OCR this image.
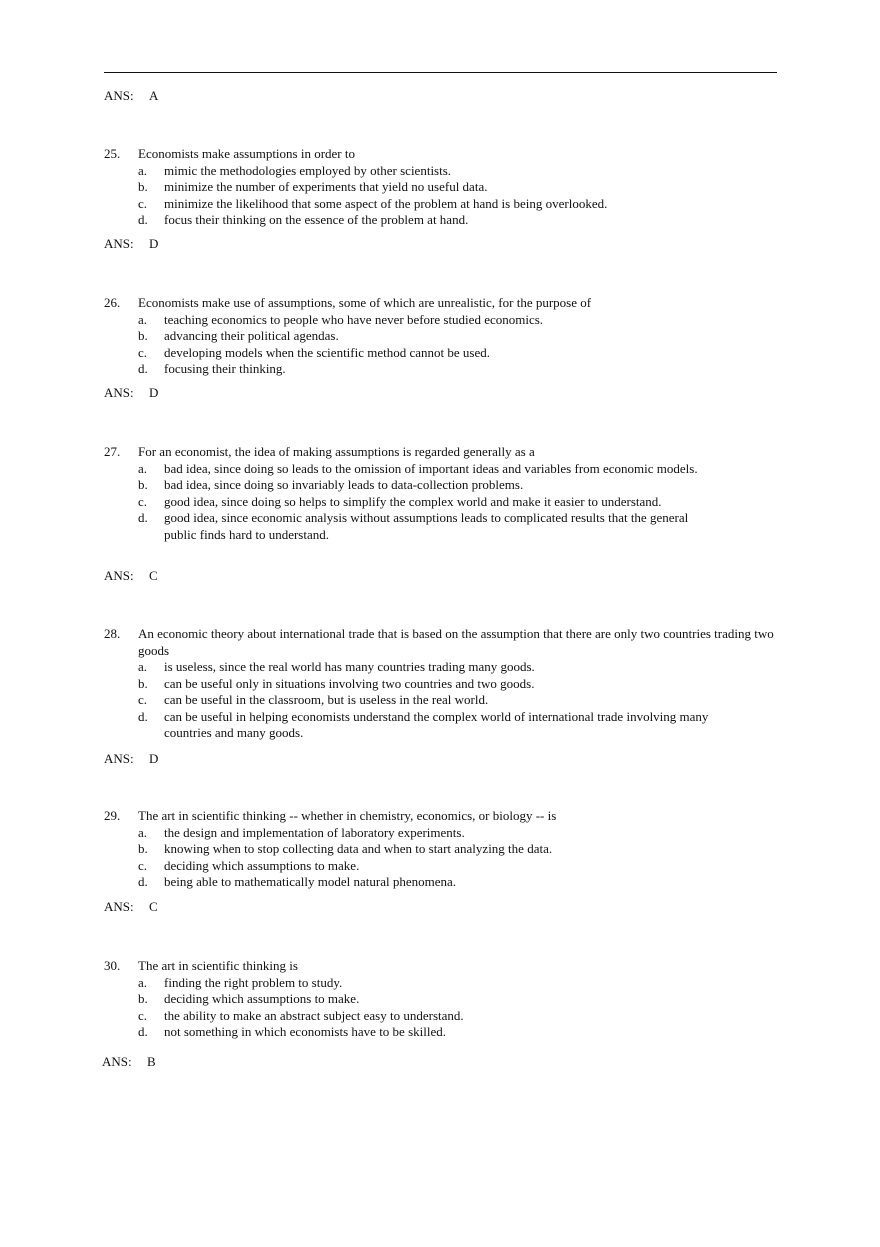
ANS: A
25.	Economists make assumptions in order to
a.	mimic the methodologies employed by other scientists.
b.	minimize the number of experiments that yield no useful data.
c.	minimize the likelihood that some aspect of the problem at hand is being overlooked.
d.	focus their thinking on the essence of the problem at hand.
ANS: D
26.	Economists make use of assumptions, some of which are unrealistic, for the purpose of
a.	teaching economics to people who have never before studied economics.
b.	advancing their political agendas.
c.	developing models when the scientific method cannot be used.
d.	focusing their thinking.
ANS: D
27.	For an economist, the idea of making assumptions is regarded generally as a
a.	bad idea, since doing so leads to the omission of important ideas and variables from economic models.
b.	bad idea, since doing so invariably leads to data-collection problems.
c.	good idea, since doing so helps to simplify the complex world and make it easier to understand.
d.	good idea, since economic analysis without assumptions leads to complicated results that the general public finds hard to understand.
ANS: C
28.	An economic theory about international trade that is based on the assumption that there are only two countries trading two goods
a.	is useless, since the real world has many countries trading many goods.
b.	can be useful only in situations involving two countries and two goods.
c.	can be useful in the classroom, but is useless in the real world.
d.	can be useful in helping economists understand the complex world of international trade involving many countries and many goods.
ANS: D
29.	The art in scientific thinking -- whether in chemistry, economics, or biology -- is
a.	the design and implementation of laboratory experiments.
b.	knowing when to stop collecting data and when to start analyzing the data.
c.	deciding which assumptions to make.
d.	being able to mathematically model natural phenomena.
ANS: C
30.	The art in scientific thinking is
a.	finding the right problem to study.
b.	deciding which assumptions to make.
c.	the ability to make an abstract subject easy to understand.
d.	not something in which economists have to be skilled.
ANS: B
